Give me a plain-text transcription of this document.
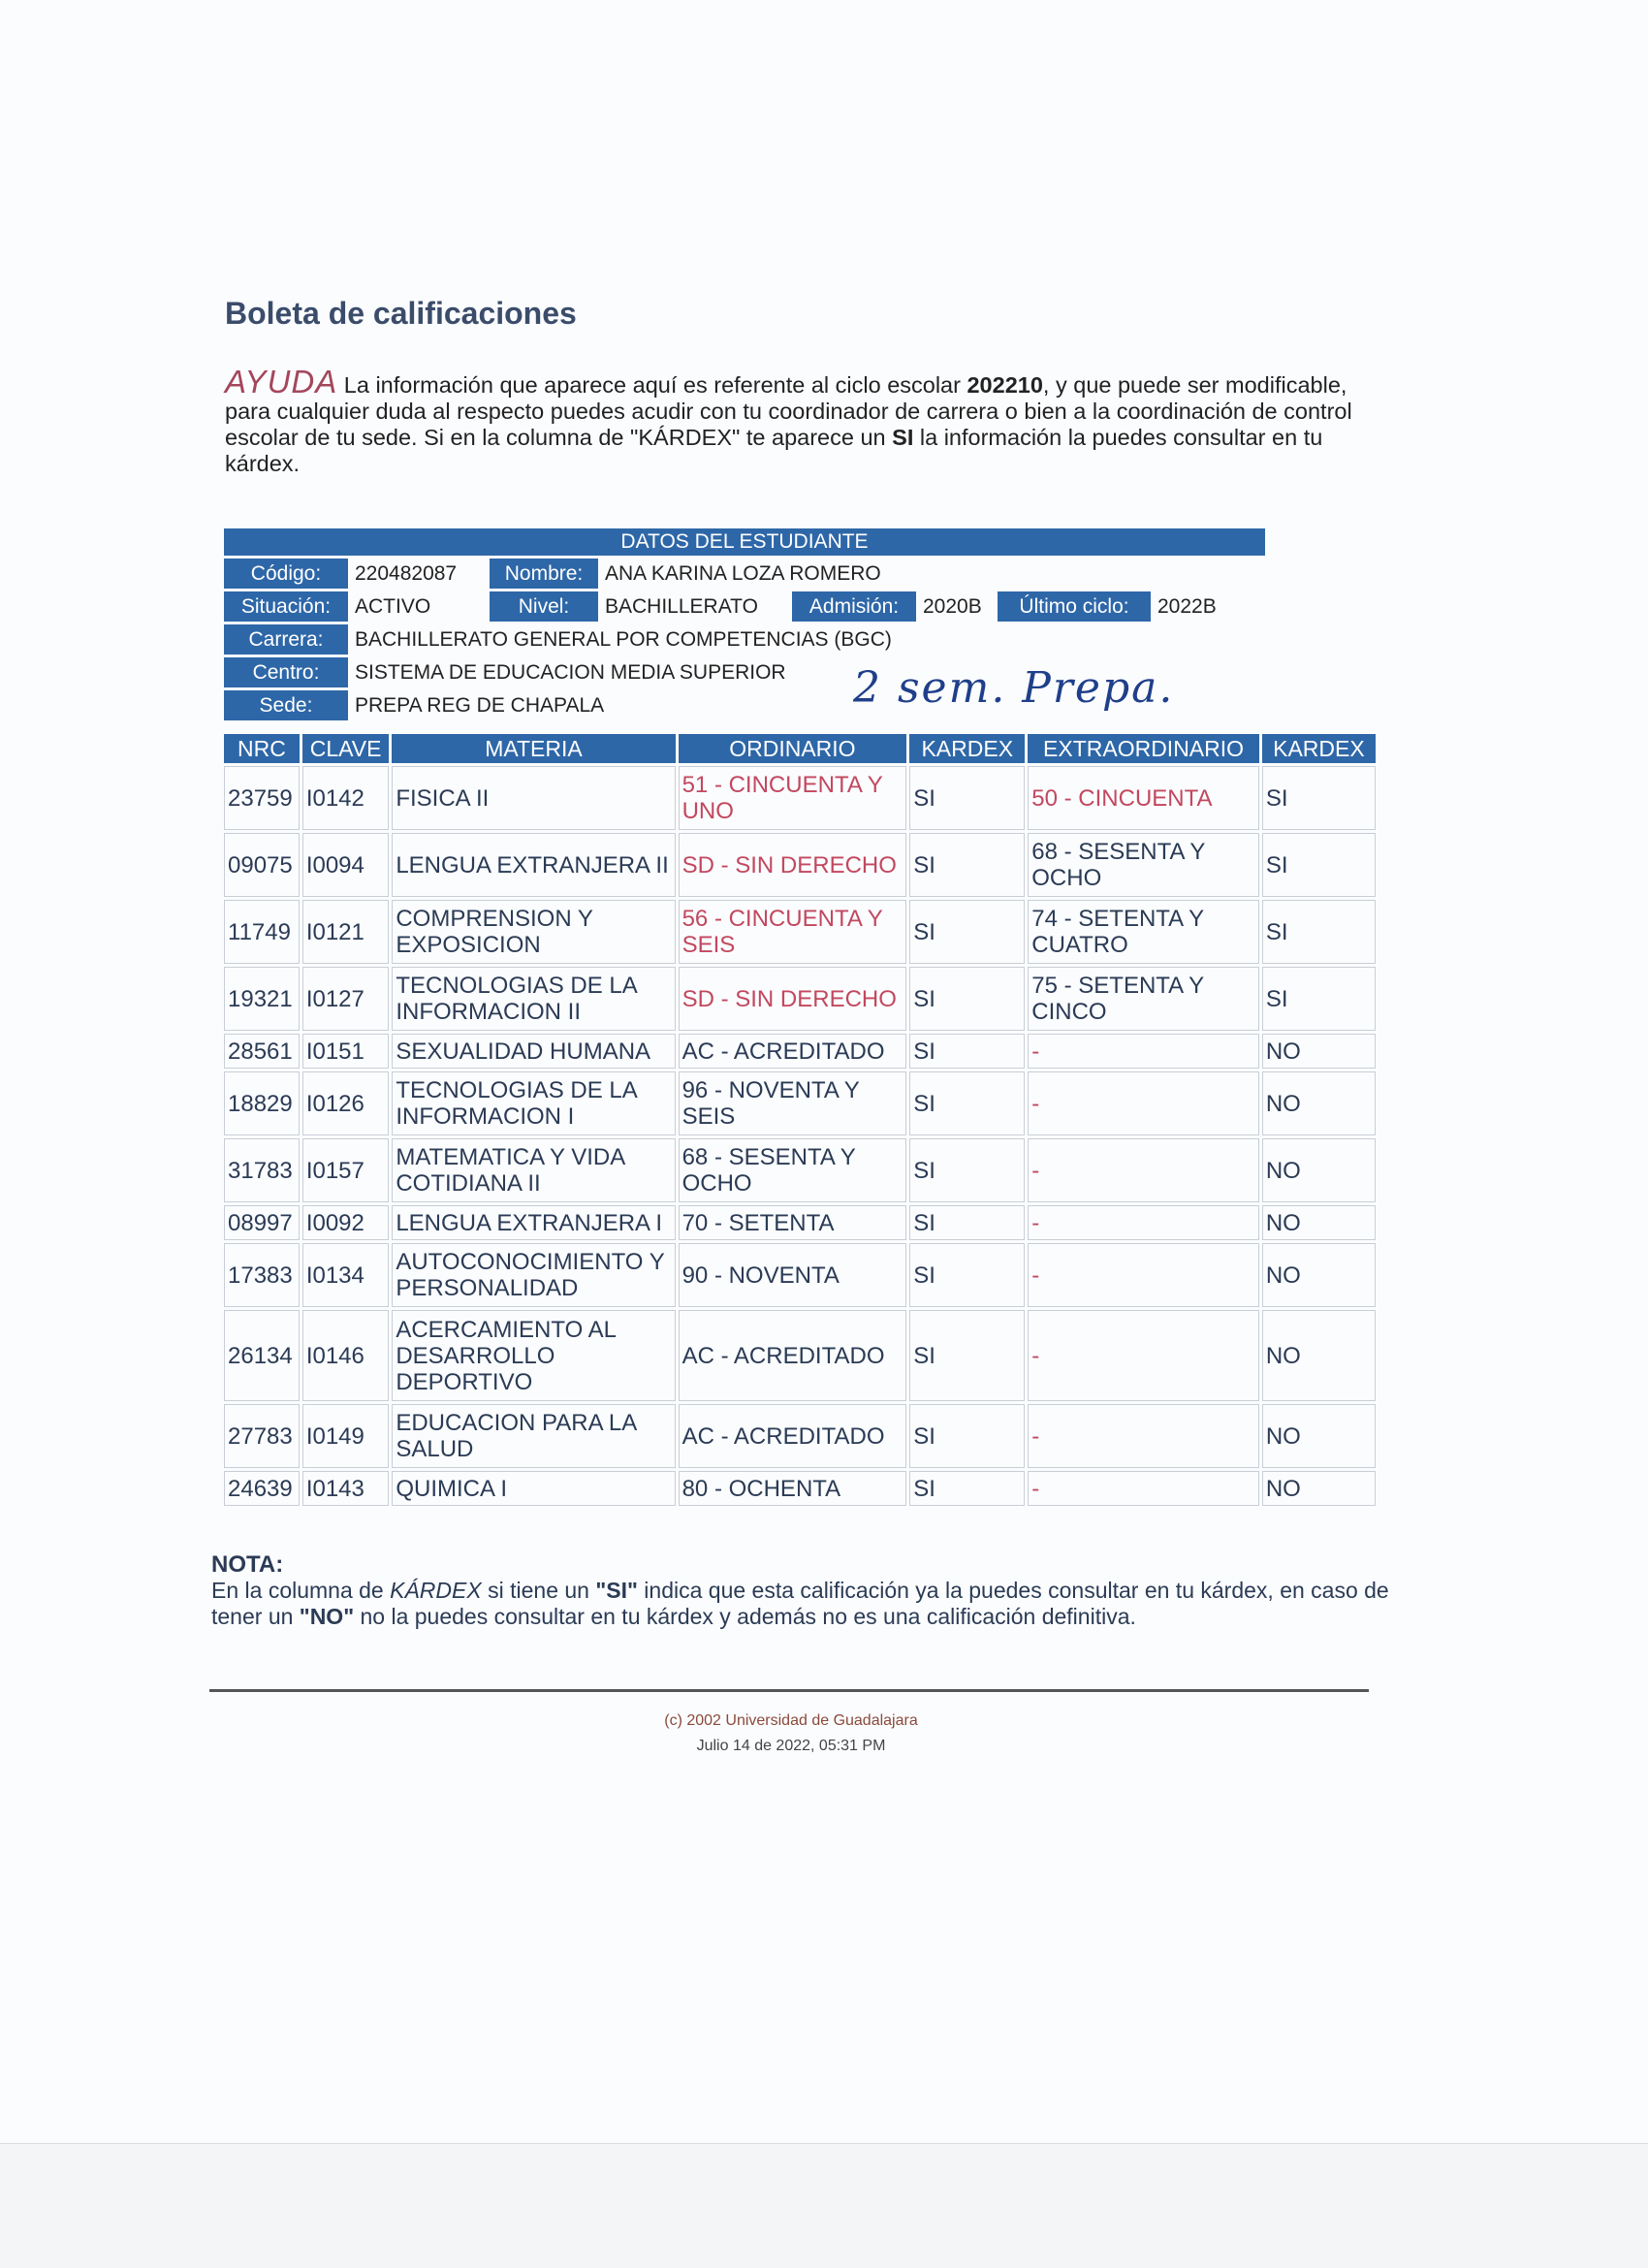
Boleta de calificaciones
AYUDA La información que aparece aquí es referente al ciclo escolar 202210, y que puede ser modificable, para cualquier duda al respecto puedes acudir con tu coordinador de carrera o bien a la coordinación de control escolar de tu sede. Si en la columna de "KÁRDEX" te aparece un SI la información la puedes consultar en tu kárdex.
DATOS DEL ESTUDIANTE							
Código:	220482087	Nombre:	ANA KARINA LOZA ROMERO				
Situación:	ACTIVO	Nivel:	BACHILLERATO	Admisión:	2020B	Último ciclo:	2022B
Carrera:	BACHILLERATO GENERAL POR COMPETENCIAS (BGC)						
Centro:	SISTEMA DE EDUCACION MEDIA SUPERIOR						
Sede:	PREPA REG DE CHAPALA							2 sem. Prepa.
NRC	CLAVE	MATERIA	ORDINARIO	KARDEX	EXTRAORDINARIO	KARDEX
23759	I0142	FISICA II	51 - CINCUENTA Y UNO	SI	50 - CINCUENTA	SI
09075	I0094	LENGUA EXTRANJERA II	SD - SIN DERECHO	SI	68 - SESENTA Y OCHO	SI
11749	I0121	COMPRENSION Y EXPOSICION	56 - CINCUENTA Y SEIS	SI	74 - SETENTA Y CUATRO	SI
19321	I0127	TECNOLOGIAS DE LA INFORMACION II	SD - SIN DERECHO	SI	75 - SETENTA Y CINCO	SI
28561	I0151	SEXUALIDAD HUMANA	AC - ACREDITADO	SI	-	NO
18829	I0126	TECNOLOGIAS DE LA INFORMACION I	96 - NOVENTA Y SEIS	SI	-	NO
31783	I0157	MATEMATICA Y VIDA COTIDIANA II	68 - SESENTA Y OCHO	SI	-	NO
08997	I0092	LENGUA EXTRANJERA I	70 - SETENTA	SI	-	NO
17383	I0134	AUTOCONOCIMIENTO Y PERSONALIDAD	90 - NOVENTA	SI	-	NO
26134	I0146	ACERCAMIENTO AL DESARROLLO DEPORTIVO	AC - ACREDITADO	SI	-	NO
27783	I0149	EDUCACION PARA LA SALUD	AC - ACREDITADO	SI	-	NO
24639	I0143	QUIMICA I	80 - OCHENTA	SI	-	NO
NOTA:
En la columna de KÁRDEX si tiene un "SI" indica que esta calificación ya la puedes consultar en tu kárdex, en caso de tener un "NO" no la puedes consultar en tu kárdex y además no es una calificación definitiva.
(c) 2002 Universidad de Guadalajara
Julio 14 de 2022, 05:31 PM
